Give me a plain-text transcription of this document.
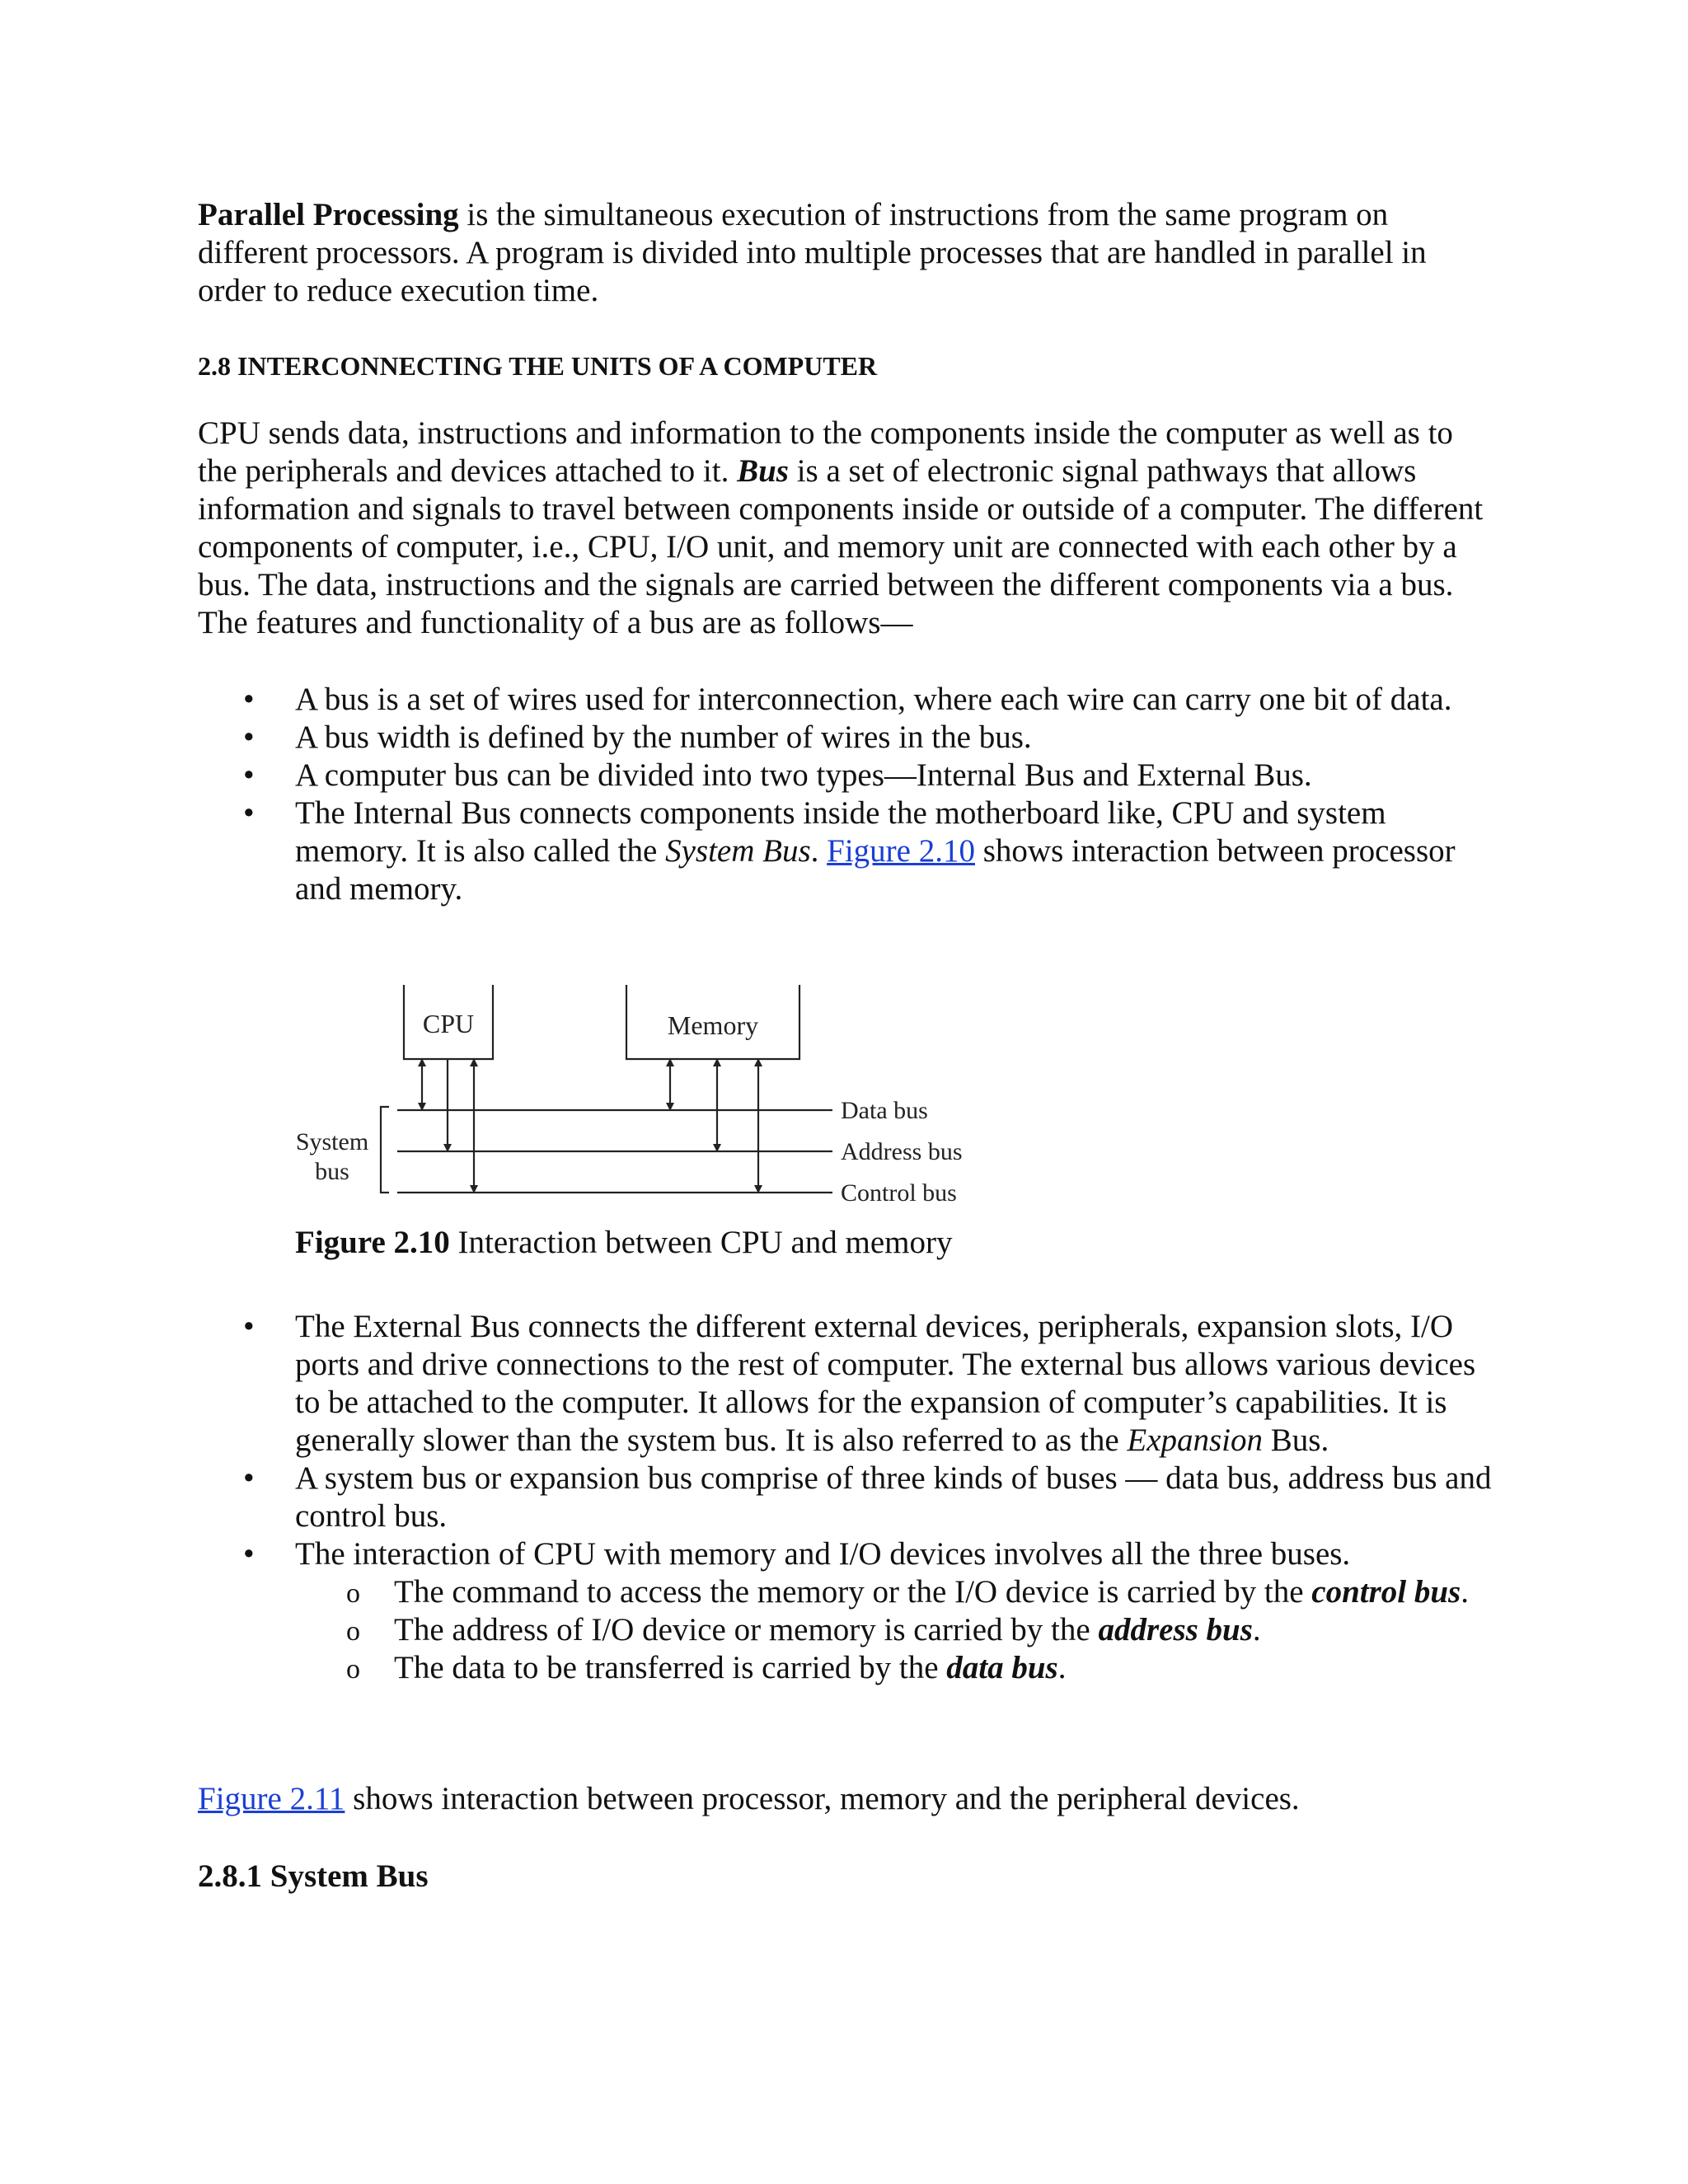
Parallel Processing is the simultaneous execution of instructions from the same program on different processors. A program is divided into multiple processes that are handled in parallel in order to reduce execution time.

2.8 INTERCONNECTING THE UNITS OF A COMPUTER

CPU sends data, instructions and information to the components inside the computer as well as to the peripherals and devices attached to it. Bus is a set of electronic signal pathways that allows information and signals to travel between components inside or outside of a computer. The different components of computer, i.e., CPU, I/O unit, and memory unit are connected with each other by a bus. The data, instructions and the signals are carried between the different components via a bus. The features and functionality of a bus are as follows—

• A bus is a set of wires used for interconnection, where each wire can carry one bit of data.
• A bus width is defined by the number of wires in the bus.
• A computer bus can be divided into two types—Internal Bus and External Bus.
• The Internal Bus connects components inside the motherboard like, CPU and system memory. It is also called the System Bus. Figure 2.10 shows interaction between processor and memory.
CPU	Memory
System
bus
Data bus
Address bus
Control bus

Figure 2.10 Interaction between CPU and memory

• The External Bus connects the different external devices, peripherals, expansion slots, I/O ports and drive connections to the rest of computer. The external bus allows various devices to be attached to the computer. It allows for the expansion of computer’s capabilities. It is generally slower than the system bus. It is also referred to as the Expansion Bus.
• A system bus or expansion bus comprise of three kinds of buses — data bus, address bus and control bus.
• The interaction of CPU with memory and I/O devices involves all the three buses.
o The command to access the memory or the I/O device is carried by the control bus.
o The address of I/O device or memory is carried by the address bus.
o The data to be transferred is carried by the data bus.

Figure 2.11 shows interaction between processor, memory and the peripheral devices.

2.8.1 System Bus
